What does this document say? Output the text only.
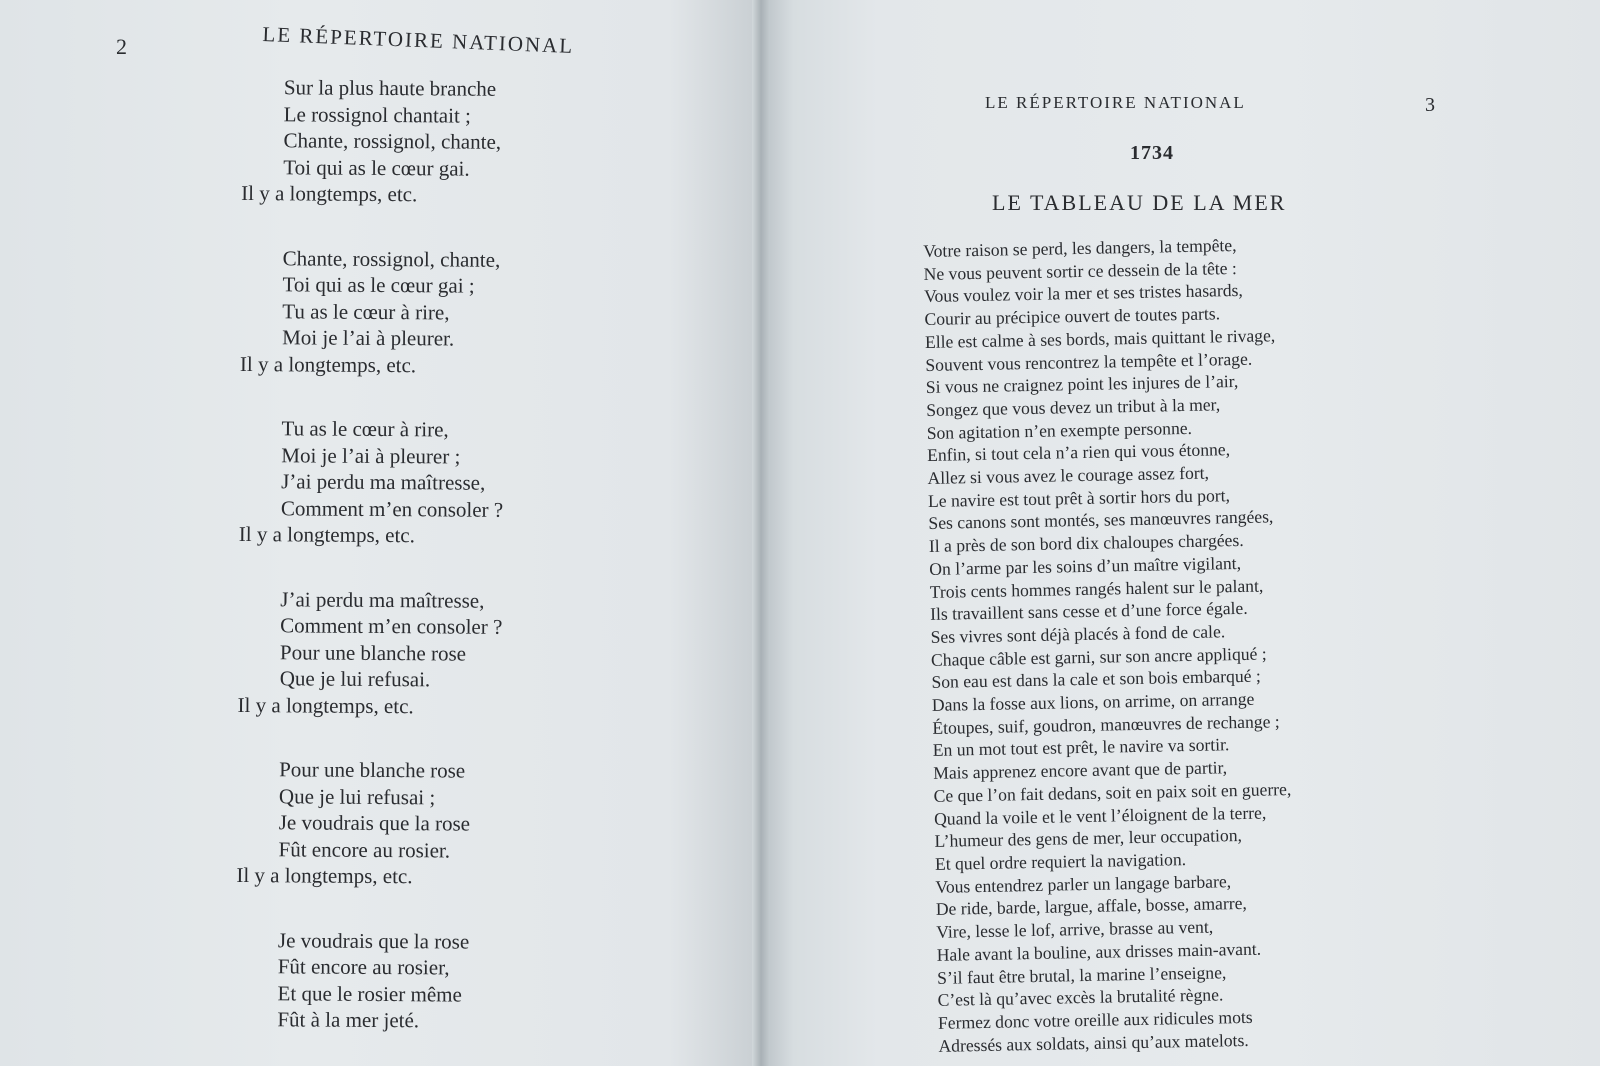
2	LE RÉPERTOIRE NATIONAL
Sur la plus haute branche
Le rossignol chantait ;
Chante, rossignol, chante,
Toi qui as le cœur gai.
Il y a longtemps, etc.
Chante, rossignol, chante,
Toi qui as le cœur gai ;
Tu as le cœur à rire,
Moi je l’ai à pleurer.
Il y a longtemps, etc.
Tu as le cœur à rire,
Moi je l’ai à pleurer ;
J’ai perdu ma maîtresse,
Comment m’en consoler ?
Il y a longtemps, etc.
J’ai perdu ma maîtresse,
Comment m’en consoler ?
Pour une blanche rose
Que je lui refusai.
Il y a longtemps, etc.
Pour une blanche rose
Que je lui refusai ;
Je voudrais que la rose
Fût encore au rosier.
Il y a longtemps, etc.
Je voudrais que la rose
Fût encore au rosier,
Et que le rosier même
Fût à la mer jeté.
LE RÉPERTOIRE NATIONAL	3
1734
LE TABLEAU DE LA MER
Votre raison se perd, les dangers, la tempête,
Ne vous peuvent sortir ce dessein de la tête :
Vous voulez voir la mer et ses tristes hasards,
Courir au précipice ouvert de toutes parts.
Elle est calme à ses bords, mais quittant le rivage,
Souvent vous rencontrez la tempête et l’orage.
Si vous ne craignez point les injures de l’air,
Songez que vous devez un tribut à la mer,
Son agitation n’en exempte personne.
Enfin, si tout cela n’a rien qui vous étonne,
Allez si vous avez le courage assez fort,
Le navire est tout prêt à sortir hors du port,
Ses canons sont montés, ses manœuvres rangées,
Il a près de son bord dix chaloupes chargées.
On l’arme par les soins d’un maître vigilant,
Trois cents hommes rangés halent sur le palant,
Ils travaillent sans cesse et d’une force égale.
Ses vivres sont déjà placés à fond de cale.
Chaque câble est garni, sur son ancre appliqué ;
Son eau est dans la cale et son bois embarqué ;
Dans la fosse aux lions, on arrime, on arrange
Étoupes, suif, goudron, manœuvres de rechange ;
En un mot tout est prêt, le navire va sortir.
Mais apprenez encore avant que de partir,
Ce que l’on fait dedans, soit en paix soit en guerre,
Quand la voile et le vent l’éloignent de la terre,
L’humeur des gens de mer, leur occupation,
Et quel ordre requiert la navigation.
Vous entendrez parler un langage barbare,
De ride, barde, largue, affale, bosse, amarre,
Vire, lesse le lof, arrive, brasse au vent,
Hale avant la bouline, aux drisses main-avant.
S’il faut être brutal, la marine l’enseigne,
C’est là qu’avec excès la brutalité règne.
Fermez donc votre oreille aux ridicules mots
Adressés aux soldats, ainsi qu’aux matelots.
